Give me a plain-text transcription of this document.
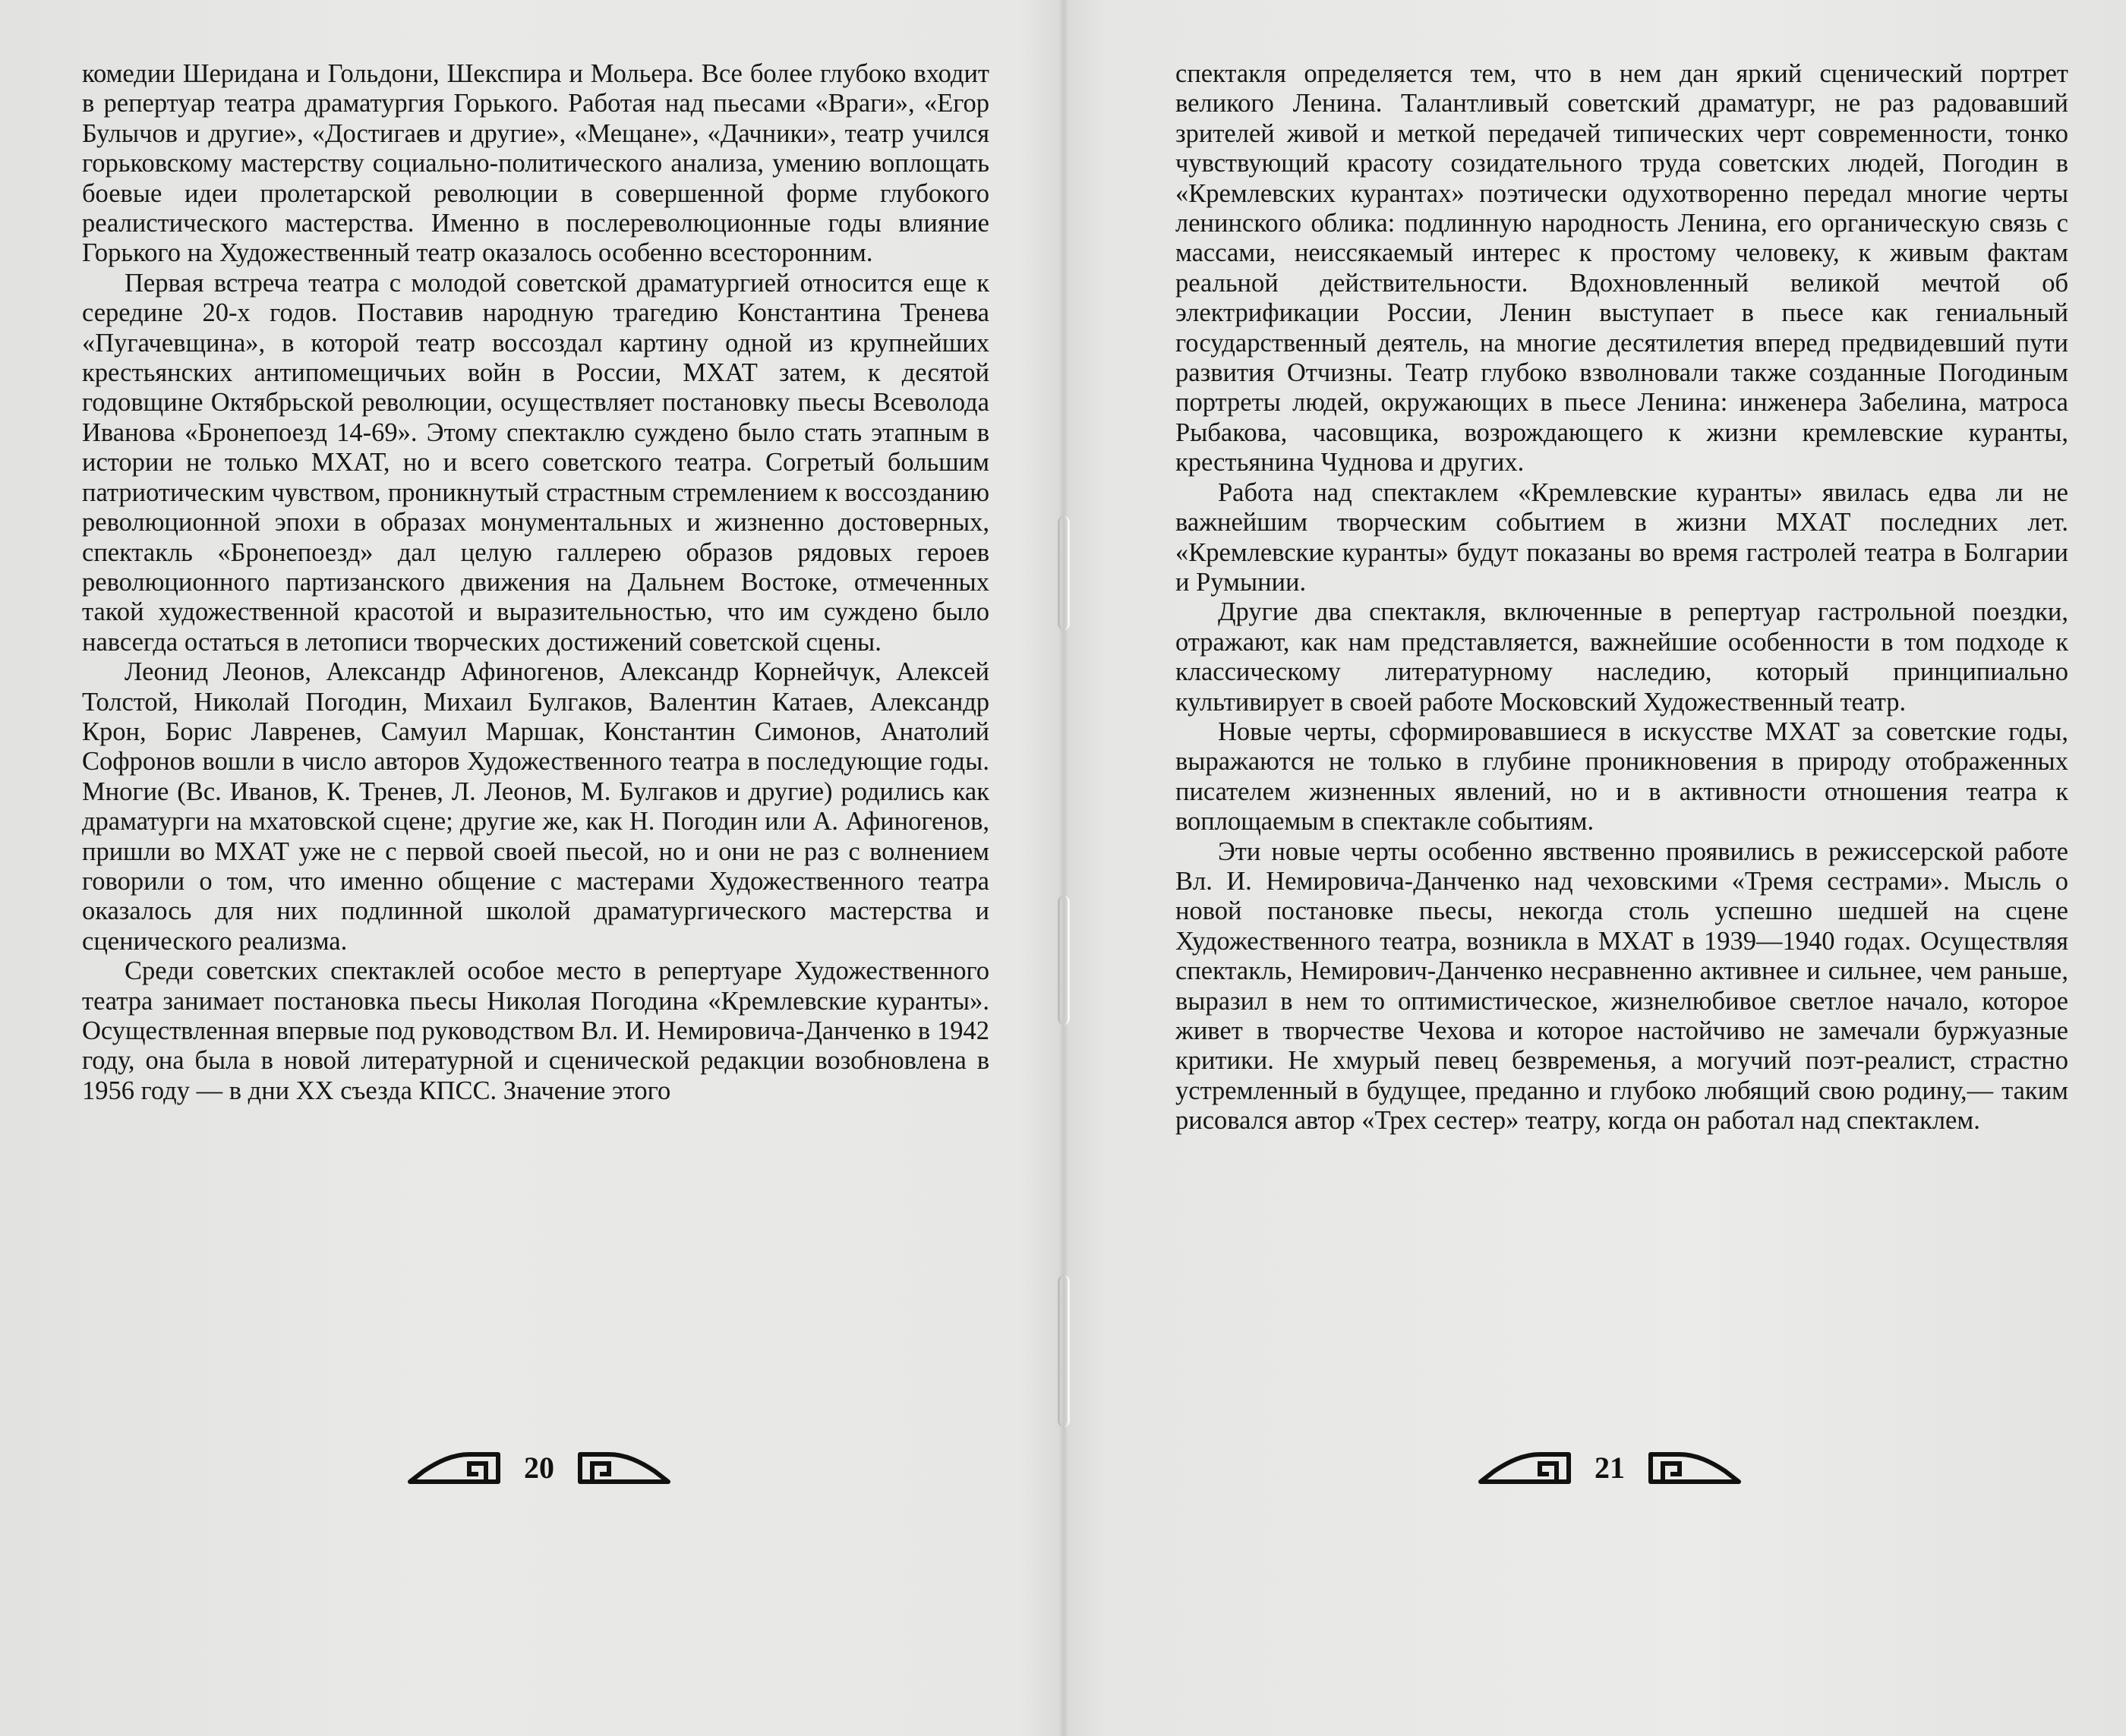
комедии Шеридана и Гольдони, Шекспира и Мольера. Все более глубоко входит в репертуар театра драматургия Горького. Работая над пьесами «Враги», «Егор Булычов и другие», «Достигаев и другие», «Мещане», «Дачники», театр учился горьковскому мастерству социально-политического анализа, умению воплощать боевые идеи пролетарской революции в совершенной форме глубокого реалистического мастерства. Именно в послереволюционные годы влияние Горького на Художественный театр оказалось особенно всесторонним.

Первая встреча театра с молодой советской драматургией относится еще к середине 20-х годов. Поставив народную трагедию Константина Тренева «Пугачевщина», в которой театр воссоздал картину одной из крупнейших крестьянских антипомещичьих войн в России, МХАТ затем, к десятой годовщине Октябрьской революции, осуществляет постановку пьесы Всеволода Иванова «Бронепоезд 14-69». Этому спектаклю суждено было стать этапным в истории не только МХАТ, но и всего советского театра. Согретый большим патриотическим чувством, проникнутый страстным стремлением к воссозданию революционной эпохи в образах монументальных и жизненно достоверных, спектакль «Бронепоезд» дал целую галлерею образов рядовых героев революционного партизанского движения на Дальнем Востоке, отмеченных такой художественной красотой и выразительностью, что им суждено было навсегда остаться в летописи творческих достижений советской сцены.

Леонид Леонов, Александр Афиногенов, Александр Корнейчук, Алексей Толстой, Николай Погодин, Михаил Булгаков, Валентин Катаев, Александр Крон, Борис Лавренев, Самуил Маршак, Константин Симонов, Анатолий Софронов вошли в число авторов Художественного театра в последующие годы. Многие (Вс. Иванов, К. Тренев, Л. Леонов, М. Булгаков и другие) родились как драматурги на мхатовской сцене; другие же, как Н. Погодин или А. Афиногенов, пришли во МХАТ уже не с первой своей пьесой, но и они не раз с волнением говорили о том, что именно общение с мастерами Художественного театра оказалось для них подлинной школой драматургического мастерства и сценического реализма.

Среди советских спектаклей особое место в репертуаре Художественного театра занимает постановка пьесы Николая Погодина «Кремлевские куранты». Осуществленная впервые под руководством Вл. И. Немировича-Данченко в 1942 году, она была в новой литературной и сценической редакции возобновлена в 1956 году — в дни XX съезда КПСС. Значение этого

20

спектакля определяется тем, что в нем дан яркий сценический портрет великого Ленина. Талантливый советский драматург, не раз радовавший зрителей живой и меткой передачей типических черт современности, тонко чувствующий красоту созидательного труда советских людей, Погодин в «Кремлевских курантах» поэтически одухотворенно передал многие черты ленинского облика: подлинную народность Ленина, его органическую связь с массами, неиссякаемый интерес к простому человеку, к живым фактам реальной действительности. Вдохновленный великой мечтой об электрификации России, Ленин выступает в пьесе как гениальный государственный деятель, на многие десятилетия вперед предвидевший пути развития Отчизны. Театр глубоко взволновали также созданные Погодиным портреты людей, окружающих в пьесе Ленина: инженера Забелина, матроса Рыбакова, часовщика, возрождающего к жизни кремлевские куранты, крестьянина Чуднова и других.

Работа над спектаклем «Кремлевские куранты» явилась едва ли не важнейшим творческим событием в жизни МХАТ последних лет. «Кремлевские куранты» будут показаны во время гастролей театра в Болгарии и Румынии.

Другие два спектакля, включенные в репертуар гастрольной поездки, отражают, как нам представляется, важнейшие особенности в том подходе к классическому литературному наследию, который принципиально культивирует в своей работе Московский Художественный театр.

Новые черты, сформировавшиеся в искусстве МХАТ за советские годы, выражаются не только в глубине проникновения в природу отображенных писателем жизненных явлений, но и в активности отношения театра к воплощаемым в спектакле событиям.

Эти новые черты особенно явственно проявились в режиссерской работе Вл. И. Немировича-Данченко над чеховскими «Тремя сестрами». Мысль о новой постановке пьесы, некогда столь успешно шедшей на сцене Художественного театра, возникла в МХАТ в 1939—1940 годах. Осуществляя спектакль, Немирович-Данченко несравненно активнее и сильнее, чем раньше, выразил в нем то оптимистическое, жизнелюбивое светлое начало, которое живет в творчестве Чехова и которое настойчиво не замечали буржуазные критики. Не хмурый певец безвременья, а могучий поэт-реалист, страстно устремленный в будущее, преданно и глубоко любящий свою родину,— таким рисовался автор «Трех сестер» театру, когда он работал над спектаклем.

21
